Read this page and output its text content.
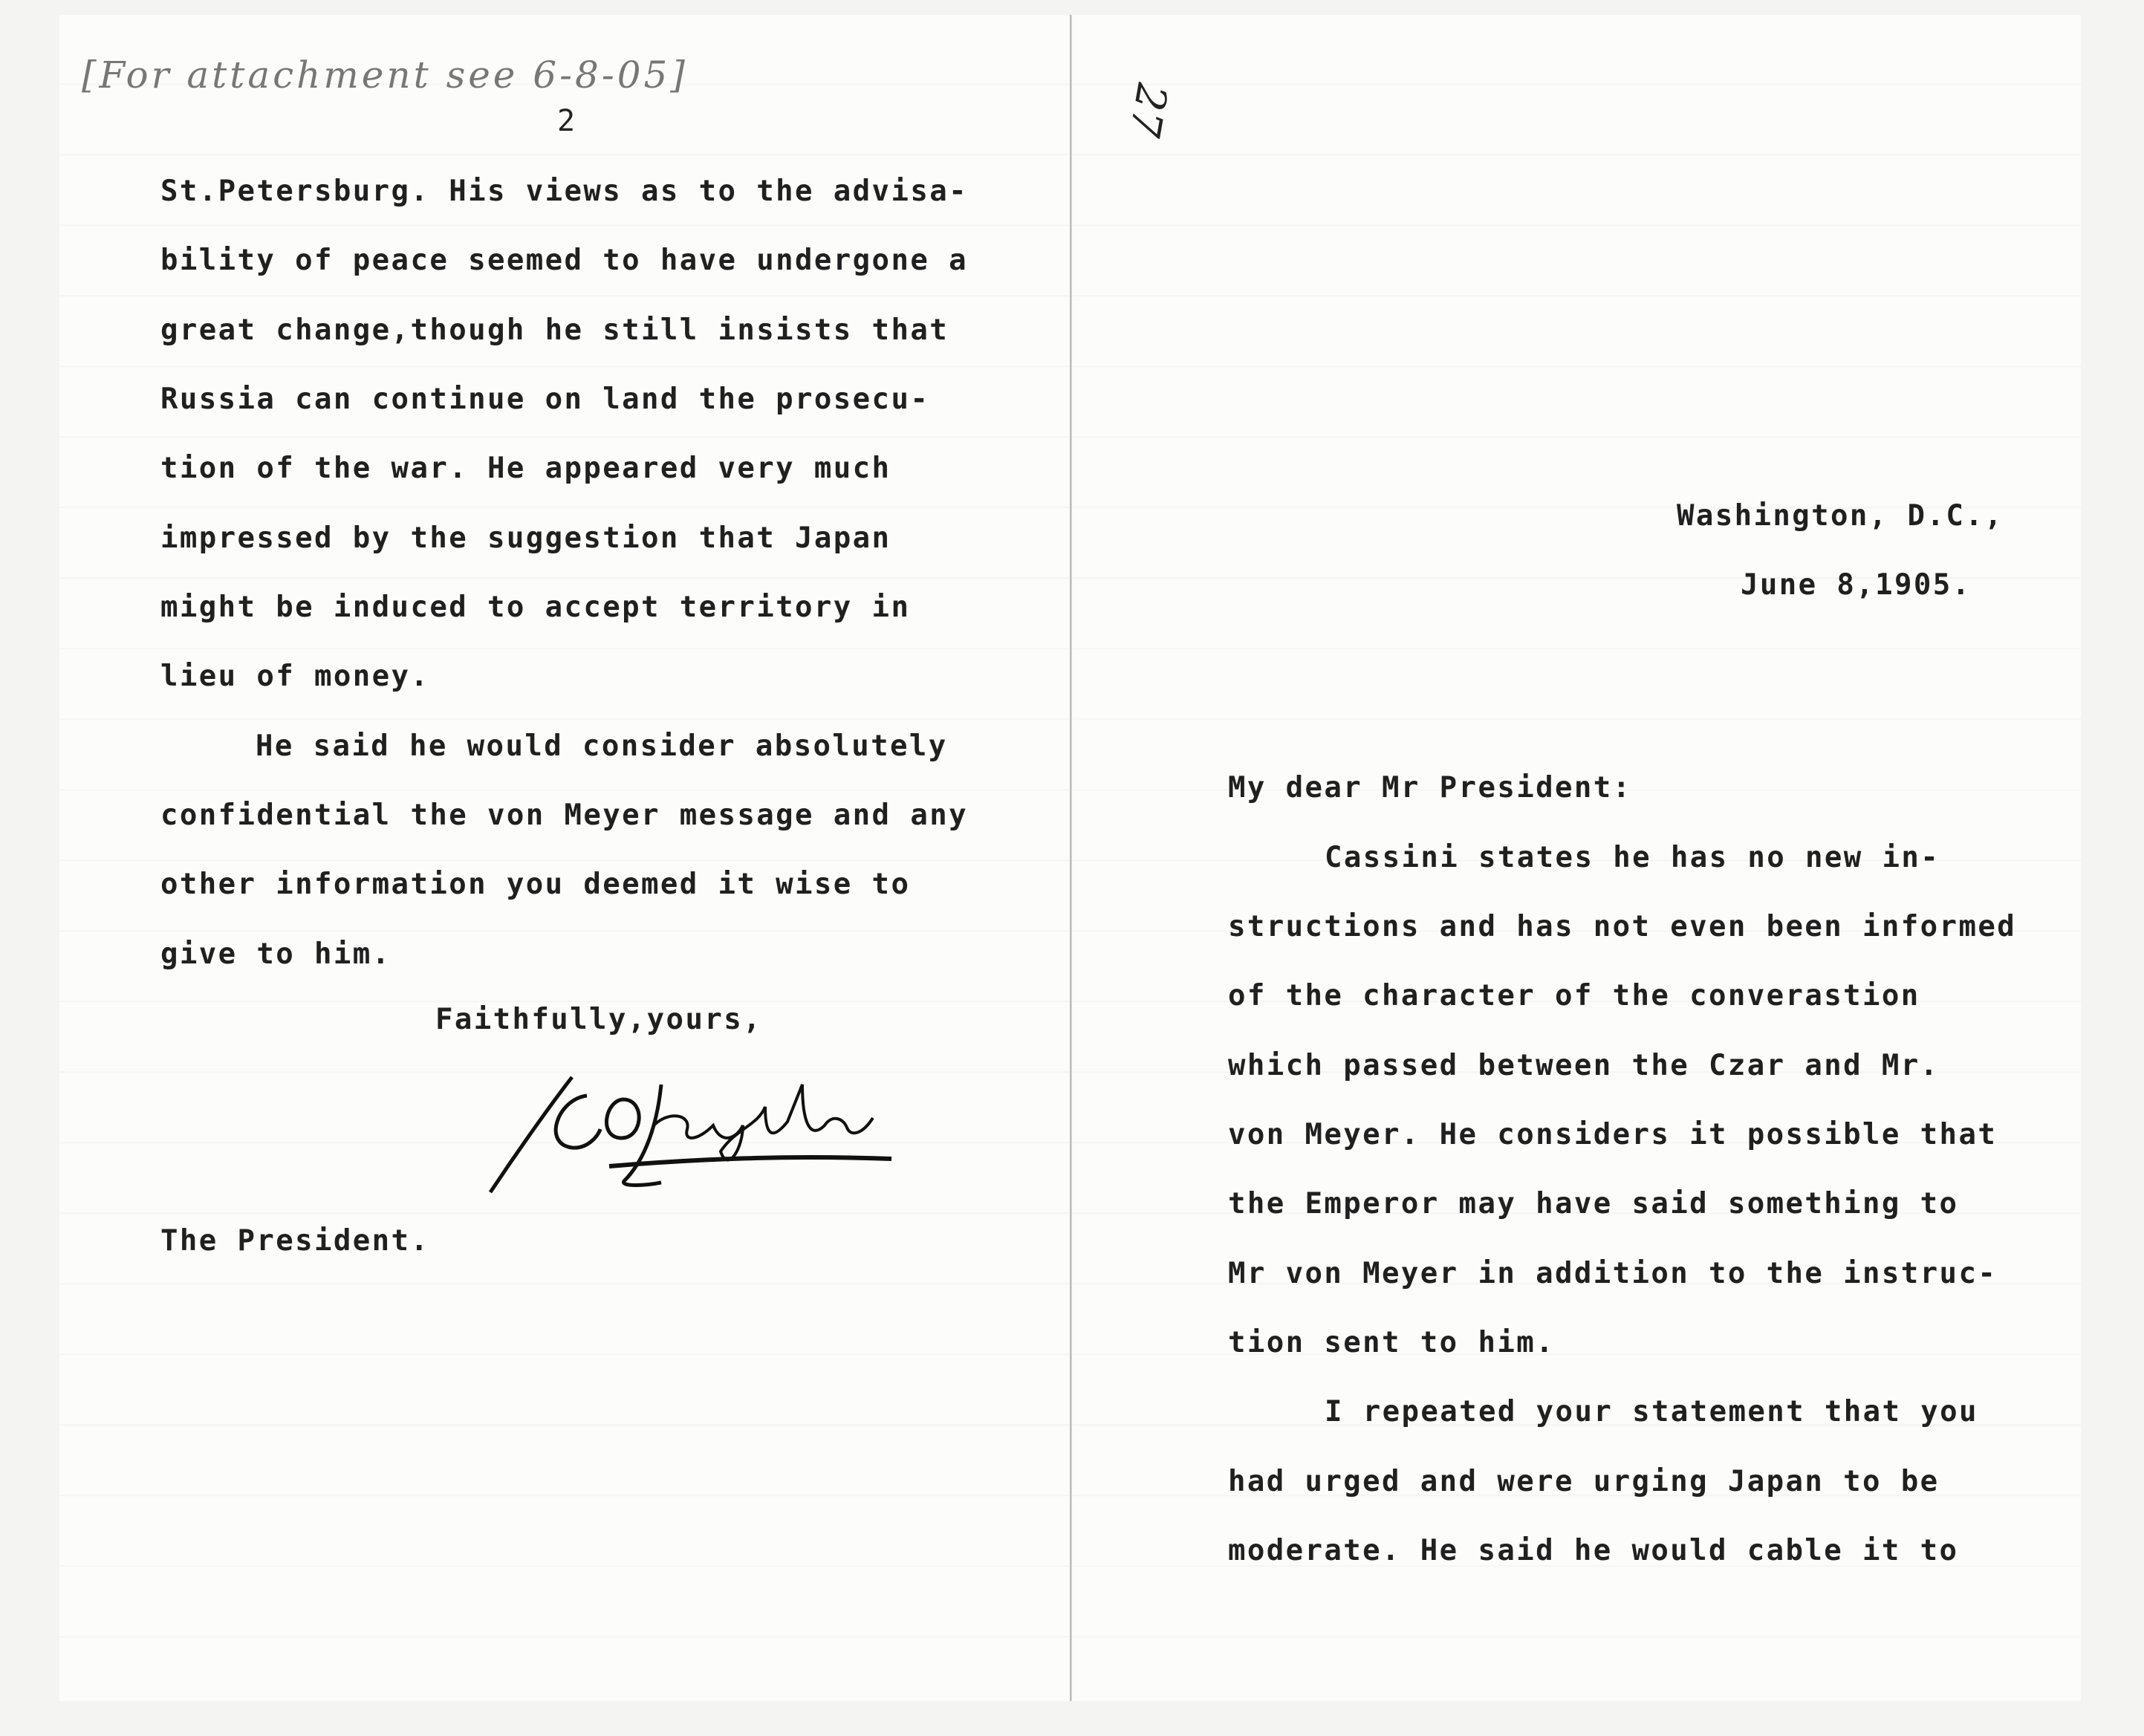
[For attachment see 6-8-05]
2
St.Petersburg. His views as to the advisa-
bility of peace seemed to have undergone a
great change,though he still insists that
Russia can continue on land the prosecu-
tion of the war. He appeared very much
impressed by the suggestion that Japan
might be induced to accept territory in
lieu of money.
He said he would consider absolutely
confidential the von Meyer message and any
other information you deemed it wise to
give to him.
Faithfully,yours,
The President.
27
Washington, D.C.,
June 8,1905.
My dear Mr President:
Cassini states he has no new in-
structions and has not even been informed
of the character of the converastion
which passed between the Czar and Mr.
von Meyer. He considers it possible that
the Emperor may have said something to
Mr von Meyer in addition to the instruc-
tion sent to him.
I repeated your statement that you
had urged and were urging Japan to be
moderate. He said he would cable it to
